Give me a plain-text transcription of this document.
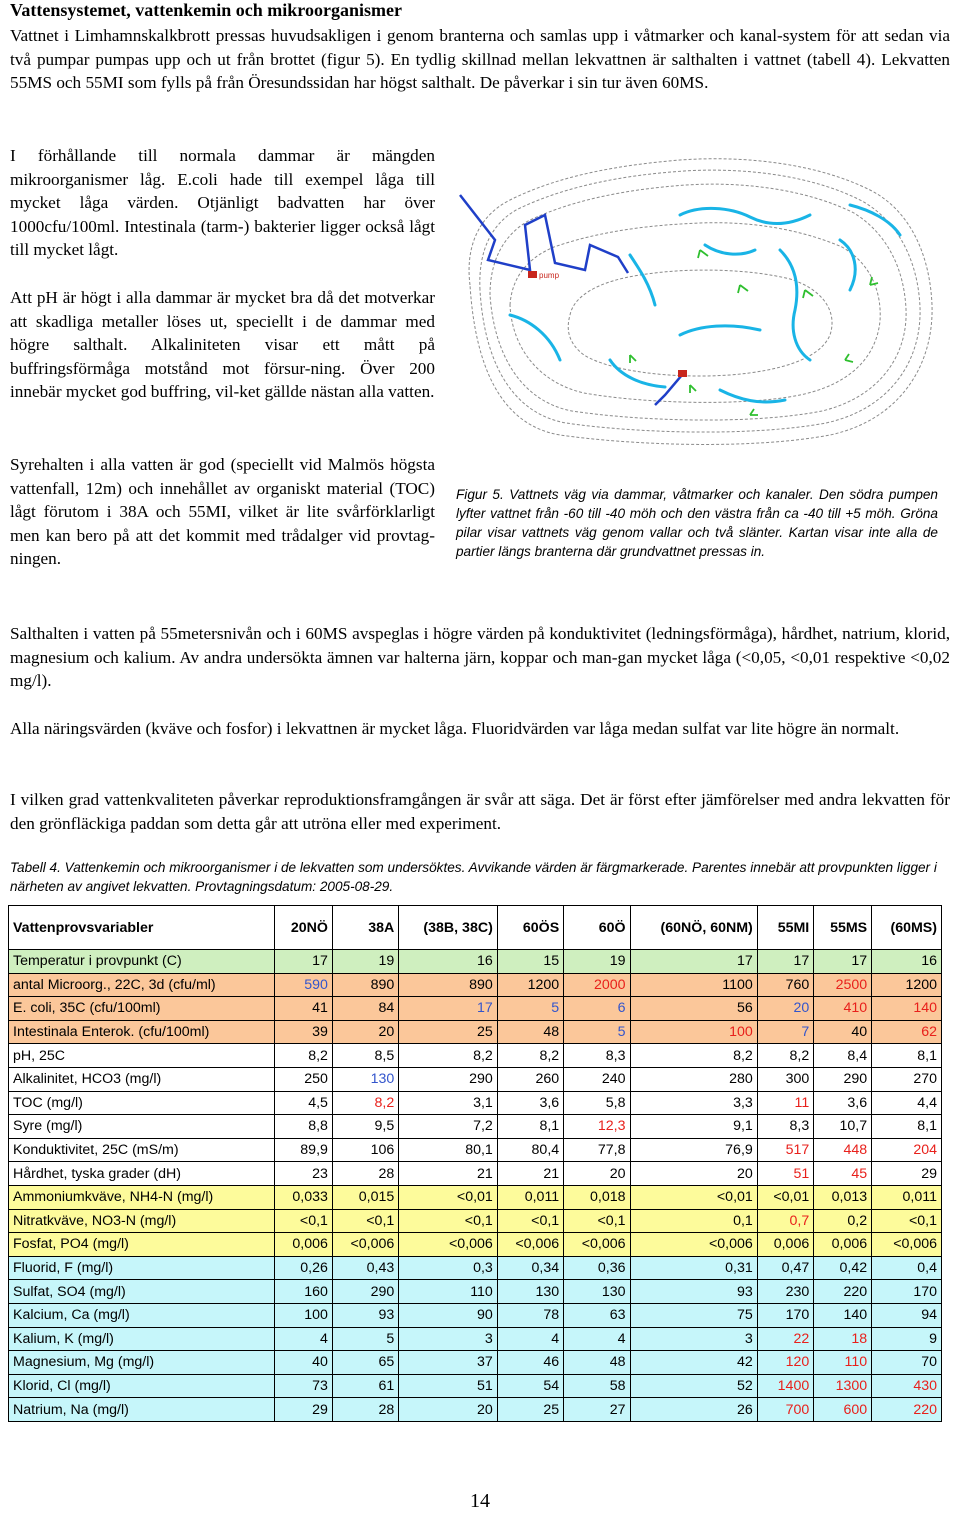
Vattensystemet, vattenkemin och mikroorganismer
Vattnet i Limhamnskalkbrott pressas huvudsakligen i genom branterna och samlas upp i våtmarker och kanal-system för att sedan via två pumpar pumpas upp och ut från brottet (figur 5). En tydlig skillnad mellan lekvattnen är salthalten i vattnet (tabell 4). Lekvatten 55MS och 55MI som fylls på från Öresundssidan har högst salthalt. De påverkar i sin tur även 60MS.
I förhållande till normala dammar är mängden mikroorganismer låg. E.coli hade till exempel låga till mycket låga värden. Otjänligt badvatten har över 1000cfu/100ml. Intestinala (tarm-) bakterier ligger också lågt till mycket lågt.
Att pH är högt i alla dammar är mycket bra då det motverkar att skadliga metaller löses ut, speciellt i de dammar med högre salthalt. Alkaliniteten visar ett mått på buffringsförmåga motstånd mot försur-ning. Över 200 innebär mycket god buffring, vil-ket gällde nästan alla vatten.
Syrehalten i alla vatten är god (speciellt vid Malmös högsta vattenfall, 12m) och innehållet av organiskt material (TOC) lågt förutom i 38A och 55MI, vilket är lite svårförklarligt men kan bero på att det kommit med trådalger vid provtag-ningen.
pump
Figur 5. Vattnets väg via dammar, våtmarker och kanaler. Den södra pumpen lyfter vattnet från -60 till -40 möh och den västra från ca -40 till +5 möh. Gröna pilar visar vattnets väg genom vallar och två slänter. Kartan visar inte alla de partier längs branterna där grundvattnet pressas in.
Salthalten i vatten på 55metersnivån och i 60MS avspeglas i högre värden på konduktivitet (ledningsförmåga), hårdhet, natrium, klorid, magnesium och kalium. Av andra undersökta ämnen var halterna järn, koppar och man-gan mycket låga (<0,05, <0,01 respektive <0,02 mg/l).
Alla näringsvärden (kväve och fosfor) i lekvattnen är mycket låga. Fluoridvärden var låga medan sulfat var lite högre än normalt.
I vilken grad vattenkvaliteten påverkar reproduktionsframgången är svår att säga. Det är först efter jämförelser med andra lekvatten för den grönfläckiga paddan som detta går att utröna eller med experiment.
Tabell 4. Vattenkemin och mikroorganismer i de lekvatten som undersöktes. Avvikande värden är färgmarkerade. Parentes innebär att provpunkten ligger i närheten av angivet lekvatten. Provtagningsdatum: 2005-08-29.
Vattenprovsvariabler	20NÖ	38A	(38B, 38C)	60ÖS	60Ö	(60NÖ, 60NM)	55MI	55MS	(60MS)
Temperatur i provpunkt (C)	17	19	16	15	19	17	17	17	16
antal Microorg., 22C, 3d (cfu/ml)	590	890	890	1200	2000	1100	760	2500	1200
E. coli, 35C (cfu/100ml)	41	84	17	5	6	56	20	410	140
Intestinala Enterok. (cfu/100ml)	39	20	25	48	5	100	7	40	62
pH, 25C	8,2	8,5	8,2	8,2	8,3	8,2	8,2	8,4	8,1
Alkalinitet, HCO3 (mg/l)	250	130	290	260	240	280	300	290	270
TOC (mg/l)	4,5	8,2	3,1	3,6	5,8	3,3	11	3,6	4,4
Syre (mg/l)	8,8	9,5	7,2	8,1	12,3	9,1	8,3	10,7	8,1
Konduktivitet, 25C (mS/m)	89,9	106	80,1	80,4	77,8	76,9	517	448	204
Hårdhet, tyska grader (dH)	23	28	21	21	20	20	51	45	29
Ammoniumkväve, NH4-N (mg/l)	0,033	0,015	<0,01	0,011	0,018	<0,01	<0,01	0,013	0,011
Nitratkväve, NO3-N (mg/l)	<0,1	<0,1	<0,1	<0,1	<0,1	0,1	0,7	0,2	<0,1
Fosfat, PO4 (mg/l)	0,006	<0,006	<0,006	<0,006	<0,006	<0,006	0,006	0,006	<0,006
Fluorid, F (mg/l)	0,26	0,43	0,3	0,34	0,36	0,31	0,47	0,42	0,4
Sulfat, SO4 (mg/l)	160	290	110	130	130	93	230	220	170
Kalcium, Ca (mg/l)	100	93	90	78	63	75	170	140	94
Kalium, K (mg/l)	4	5	3	4	4	3	22	18	9
Magnesium, Mg (mg/l)	40	65	37	46	48	42	120	110	70
Klorid, Cl (mg/l)	73	61	51	54	58	52	1400	1300	430
Natrium, Na (mg/l)	29	28	20	25	27	26	700	600	220
14
